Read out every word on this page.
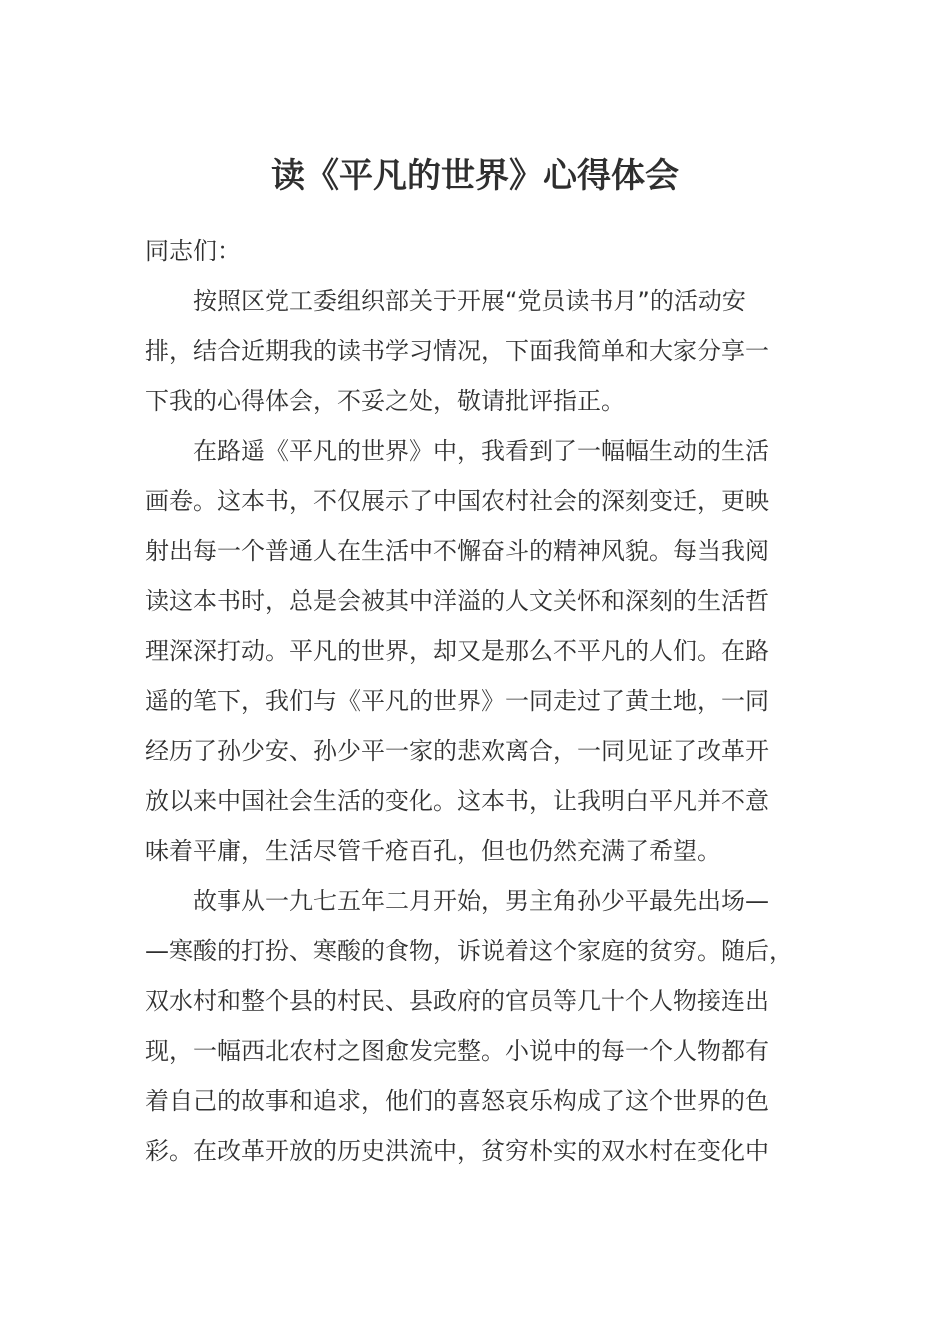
读《平凡的世界》心得体会
同志们：
　　按照区党工委组织部关于开展“党员读书月”的活动安
排，结合近期我的读书学习情况，下面我简单和大家分享一
下我的心得体会，不妥之处，敬请批评指正。
　　在路遥《平凡的世界》中，我看到了一幅幅生动的生活
画卷。这本书，不仅展示了中国农村社会的深刻变迁，更映
射出每一个普通人在生活中不懈奋斗的精神风貌。每当我阅
读这本书时，总是会被其中洋溢的人文关怀和深刻的生活哲
理深深打动。平凡的世界，却又是那么不平凡的人们。在路
遥的笔下，我们与《平凡的世界》一同走过了黄土地，一同
经历了孙少安、孙少平一家的悲欢离合，一同见证了改革开
放以来中国社会生活的变化。这本书，让我明白平凡并不意
味着平庸，生活尽管千疮百孔，但也仍然充满了希望。
　　故事从一九七五年二月开始，男主角孙少平最先出场—
—寒酸的打扮、寒酸的食物，诉说着这个家庭的贫穷。随后，
双水村和整个县的村民、县政府的官员等几十个人物接连出
现，一幅西北农村之图愈发完整。小说中的每一个人物都有
着自己的故事和追求，他们的喜怒哀乐构成了这个世界的色
彩。在改革开放的历史洪流中，贫穷朴实的双水村在变化中
